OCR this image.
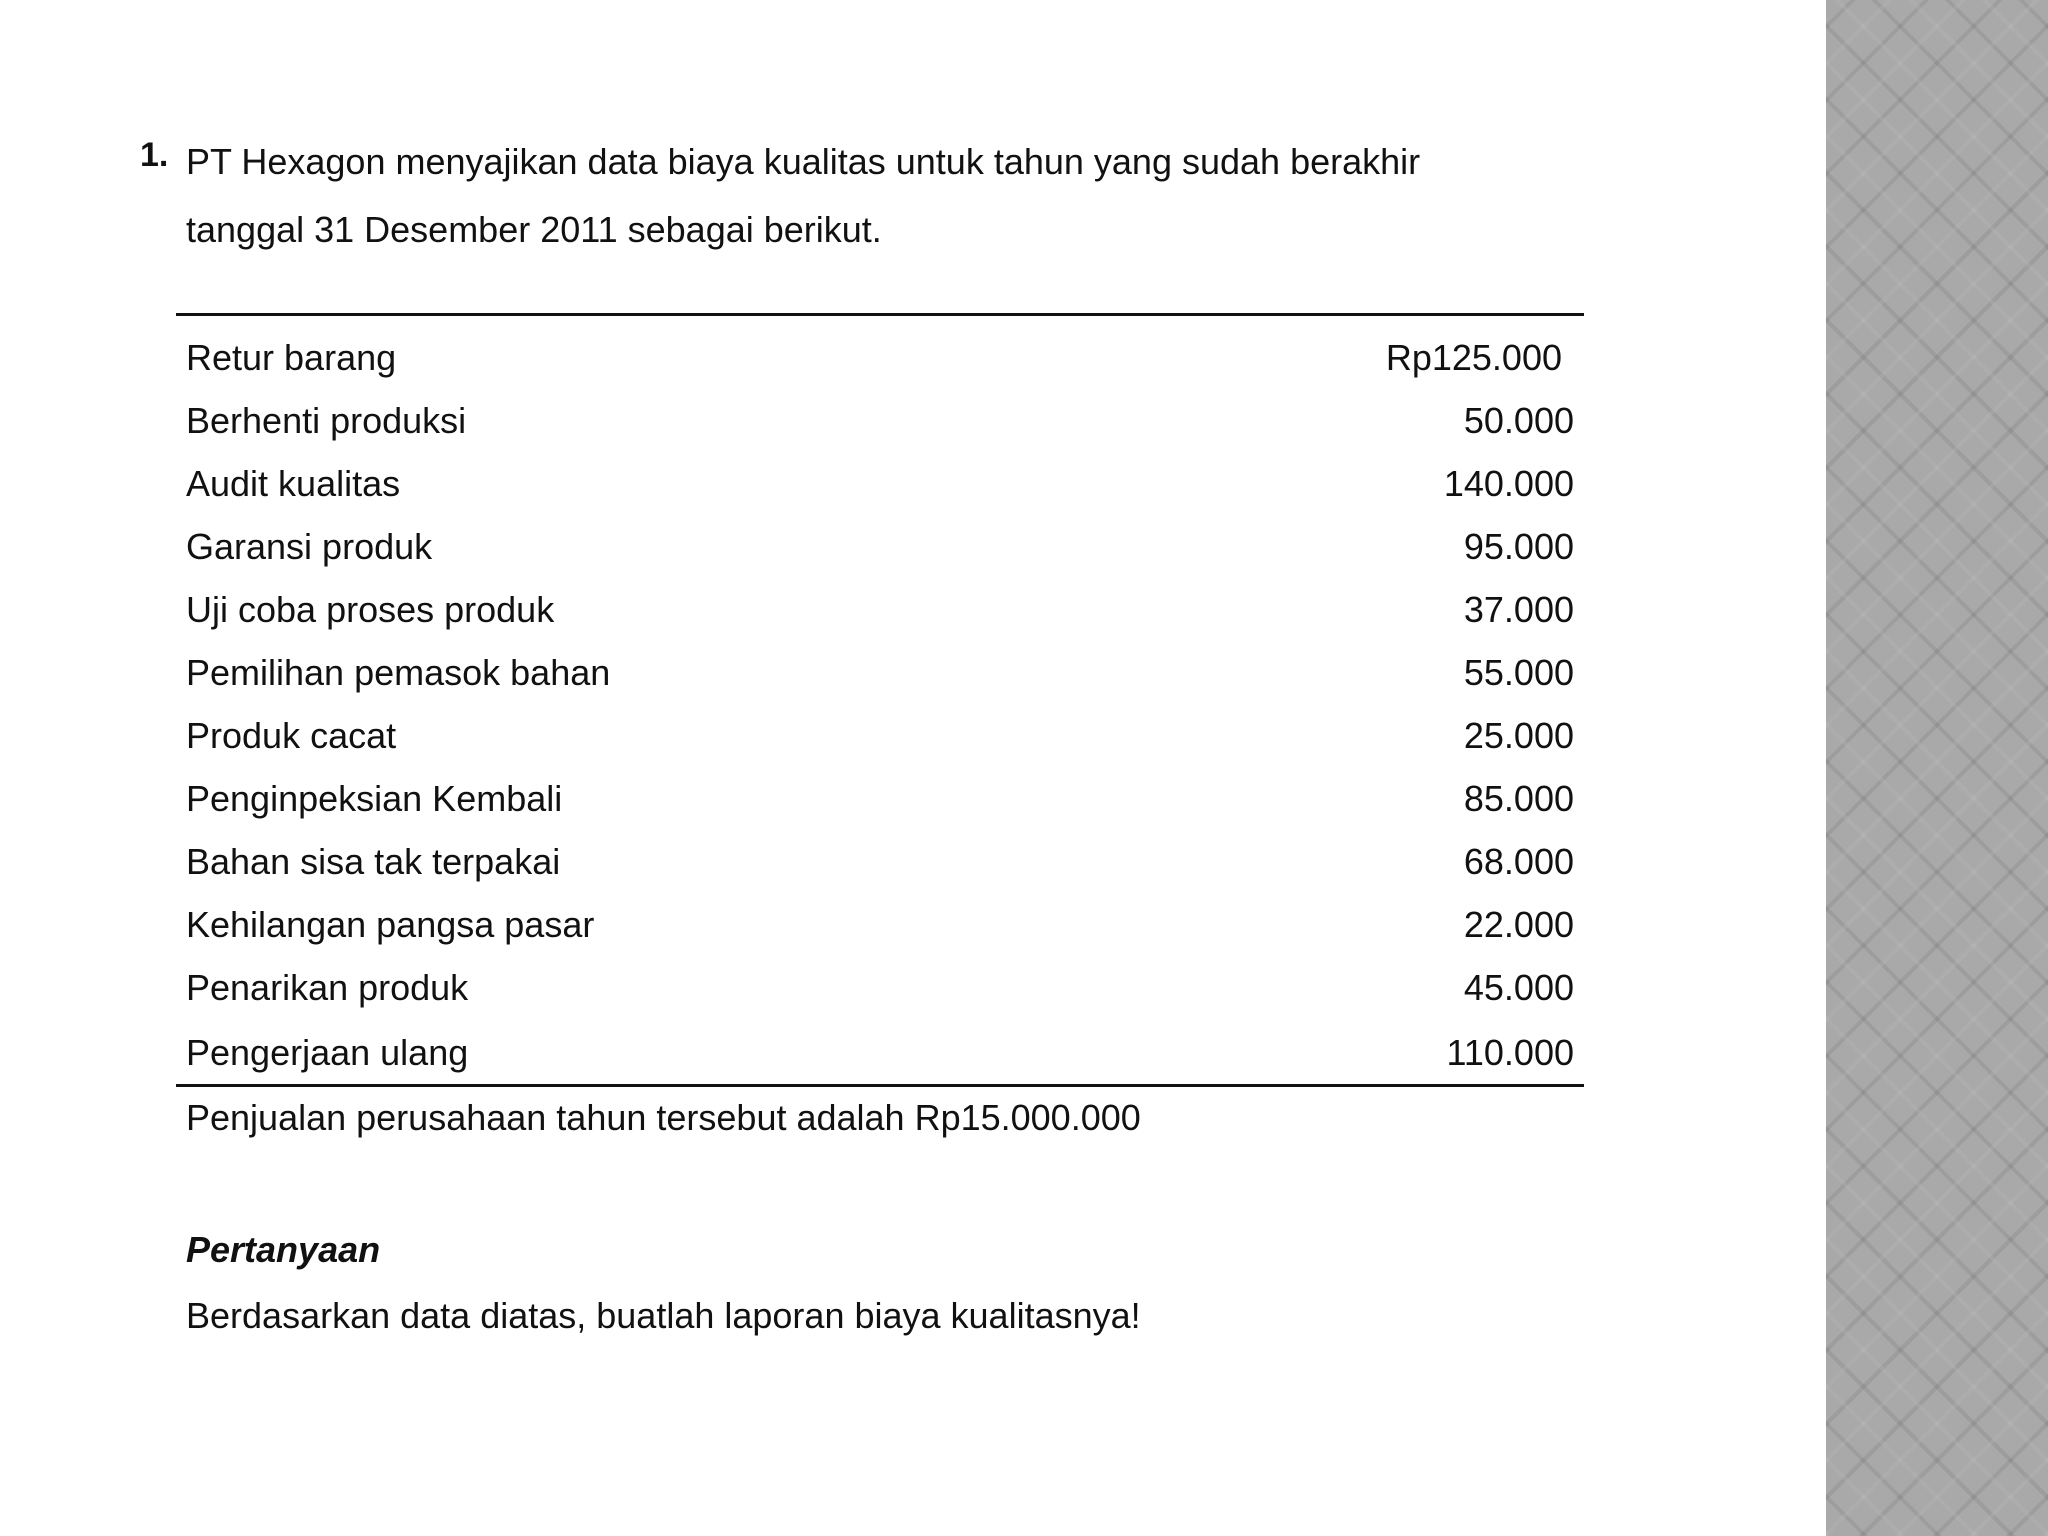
1. PT Hexagon menyajikan data biaya kualitas untuk tahun yang sudah berakhir tanggal 31 Desember 2011 sebagai berikut.
Retur barang	Rp125.000
Berhenti produksi	50.000
Audit kualitas	140.000
Garansi produk	95.000
Uji coba proses produk	37.000
Pemilihan pemasok bahan	55.000
Produk cacat	25.000
Penginpeksian Kembali	85.000
Bahan sisa tak terpakai	68.000
Kehilangan pangsa pasar	22.000
Penarikan produk	45.000
Pengerjaan ulang	110.000
Penjualan perusahaan tahun tersebut adalah Rp15.000.000
Pertanyaan
Berdasarkan data diatas, buatlah laporan biaya kualitasnya!
